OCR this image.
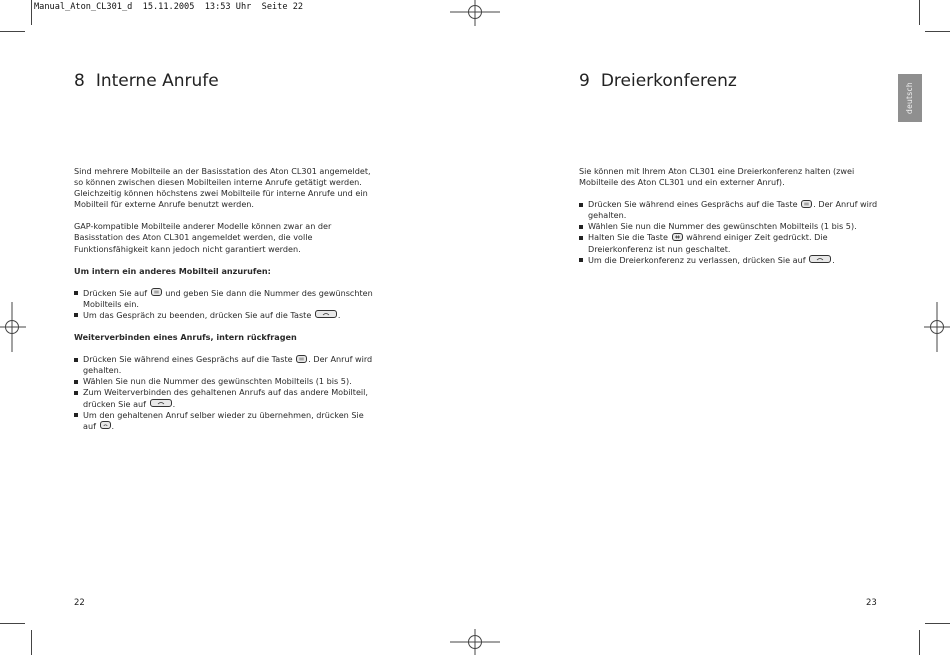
Manual_Aton_CL301_d  15.11.2005  13:53 Uhr  Seite 22
deutsch
8 Interne Anrufe

Sind mehrere Mobilteile an der Basisstation des Aton CL301 angemeldet, so können zwischen diesen Mobilteilen interne Anrufe getätigt werden. Gleichzeitig können höchstens zwei Mobilteile für interne Anrufe und ein Mobilteil für externe Anrufe benutzt werden.

GAP-kompatible Mobilteile anderer Modelle können zwar an der Basisstation des Aton CL301 angemeldet werden, die volle Funktionsfähigkeit kann jedoch nicht garantiert werden.

Um intern ein anderes Mobilteil anzurufen:

Drücken Sie auf und geben Sie dann die Nummer des gewünschten Mobilteils ein.
Um das Gespräch zu beenden, drücken Sie auf die Taste	.

Weiterverbinden eines Anrufs, intern rückfragen

Drücken Sie während eines Gesprächs auf die Taste . Der Anruf wird gehalten.
Wählen Sie nun die Nummer des gewünschten Mobilteils (1 bis 5).
Zum Weiterverbinden des gehaltenen Anrufs auf das andere Mobilteil, drücken Sie auf	.
Um den gehaltenen Anruf selber wieder zu übernehmen, drücken Sie auf .
22
9 Dreierkonferenz

Sie können mit Ihrem Aton CL301 eine Dreierkonferenz halten (zwei Mobilteile des Aton CL301 und ein externer Anruf).

Drücken Sie während eines Gesprächs auf die Taste . Der Anruf wird gehalten.
Wählen Sie nun die Nummer des gewünschten Mobilteils (1 bis 5).
Halten Sie die Taste während einiger Zeit gedrückt. Die Dreierkonferenz ist nun geschaltet.
Um die Dreierkonferenz zu verlassen, drücken Sie auf	.
23
